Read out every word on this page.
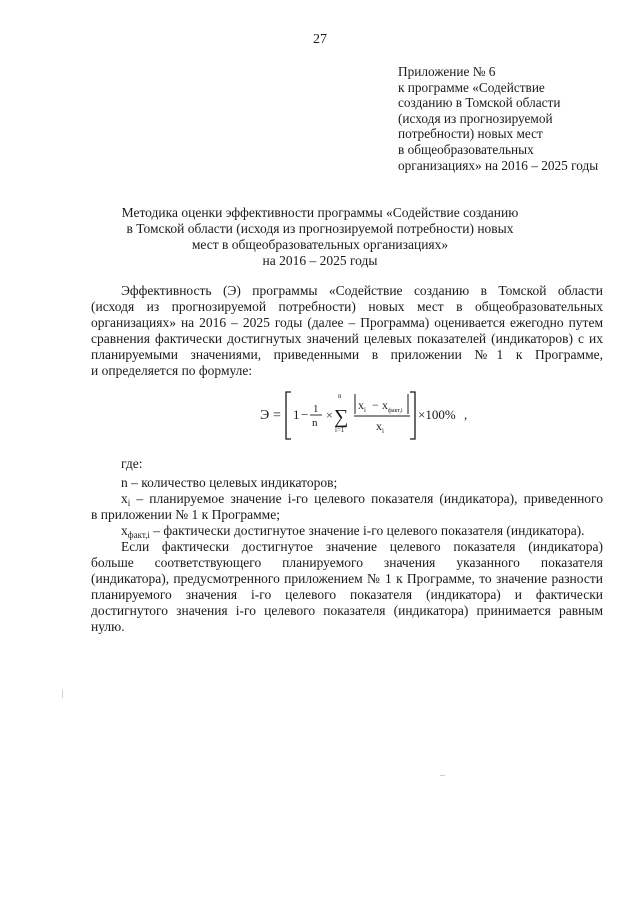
27
Приложение № 6
к программе «Содействие
созданию в Томской области
(исходя из прогнозируемой
потребности) новых мест
в общеобразовательных
организациях» на 2016 – 2025 годы
Методика оценки эффективности программы «Содействие созданию
в Томской области (исходя из прогнозируемой потребности) новых
мест в общеобразовательных организациях»
на 2016 – 2025 годы
Эффективность (Э) программы «Содействие созданию в Томской области
(исходя из прогнозируемой потребности) новых мест в общеобразовательных
организациях» на 2016 – 2025 годы (далее – Программа) оценивается ежегодно путем
сравнения фактически достигнутых значений целевых показателей (индикаторов) с их
планируемыми значениями, приведенными в приложении №1 к Программе,
и определяется по формуле:
Э = 1 − 1
n
×
n
∑
i=1
$x_i - x_{факт,i}$
$x_i$
×100% ,
где:
n – количество целевых индикаторов;
$x_i$ – планируемое значение i-го целевого показателя (индикатора), приведенного
в приложении № 1 к Программе;
$x_{факт,i}$ – фактически достигнутое значение i-го целевого показателя (индикатора).
Если фактически достигнутое значение целевого показателя (индикатора)
больше соответствующего планируемого значения указанного показателя
(индикатора), предусмотренного приложением № 1 к Программе, то значение разности
планируемого значения i-го целевого показателя (индикатора) и фактически
достигнутого значения i-го целевого показателя (индикатора) принимается равным
нулю.
